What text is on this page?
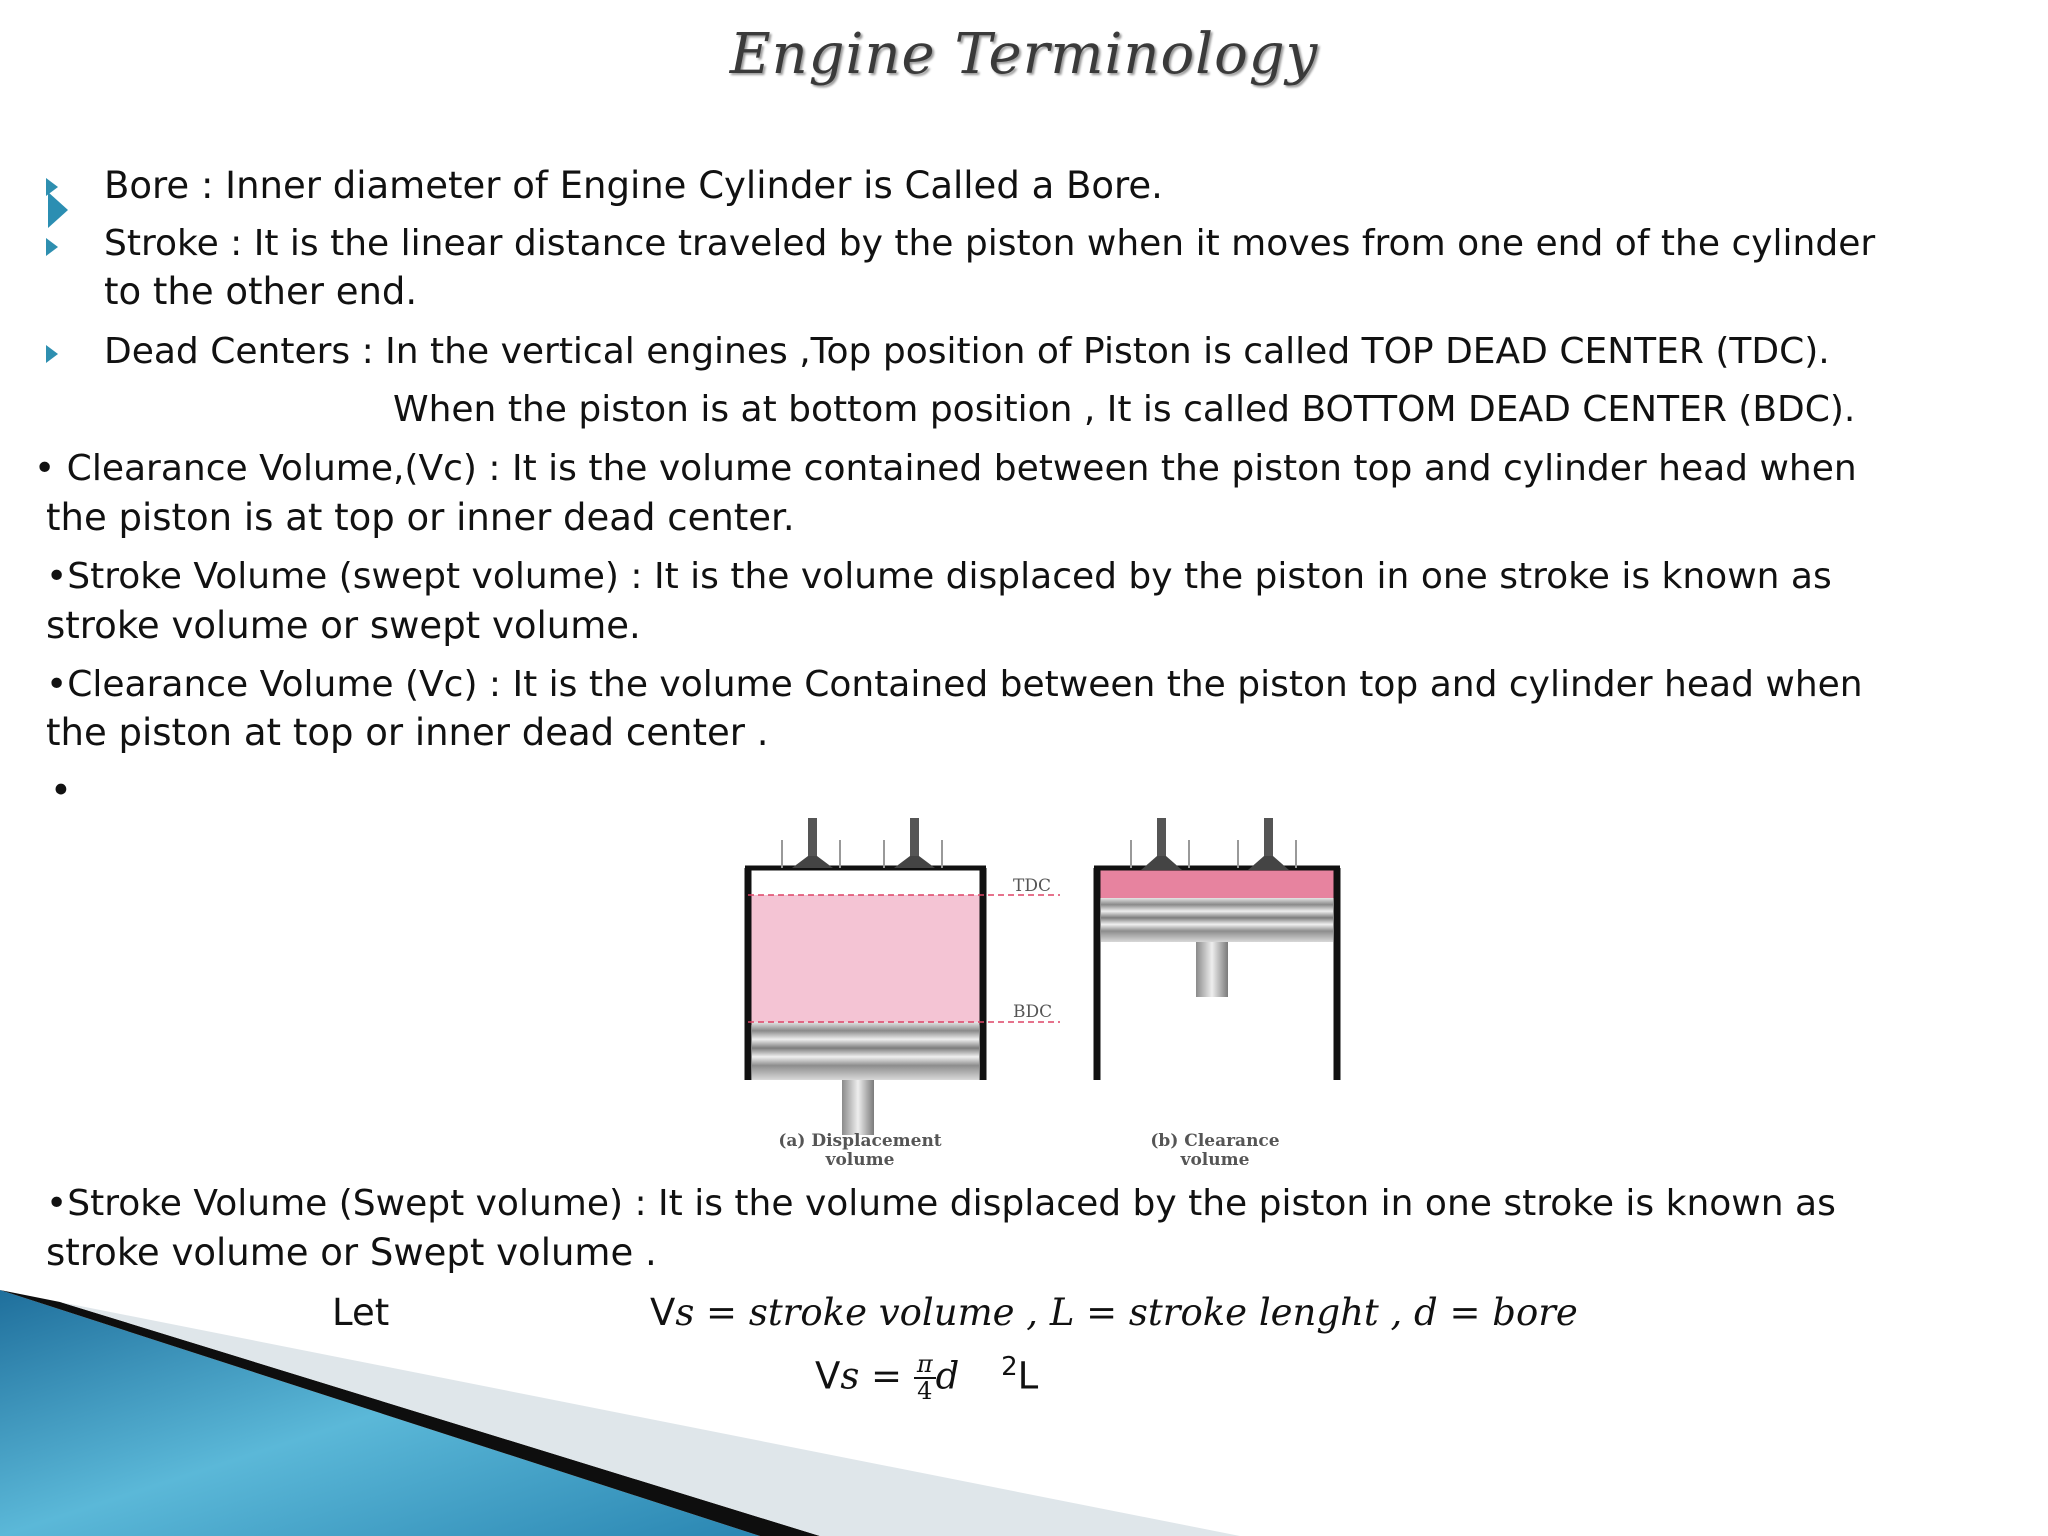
Engine Terminology
Bore : Inner diameter of Engine Cylinder is Called a Bore.
Stroke : It is the linear distance traveled by the piston when it moves from one end of the cylinder
to the other end.
Dead Centers : In the vertical engines ,Top position of Piston is called TOP DEAD CENTER (TDC).
When the piston is at bottom position , It is called BOTTOM DEAD CENTER (BDC).
• Clearance Volume,(Vc) : It is the volume contained between the piston top and cylinder head when
the piston is at top or inner dead center.
•Stroke Volume (swept volume) : It is the volume displaced by the piston in one stroke is known as
stroke volume or swept volume.
•Clearance Volume (Vc) : It is the volume Contained between the piston top and cylinder head when
the piston at top or inner dead center .
•
TDC
BDC
(a) Displacement
volume
(b) Clearance
volume
•Stroke Volume (Swept volume) : It is the volume displaced by the piston in one stroke is known as
stroke volume or Swept volume .
Let	Vs = stroke volume , L = stroke lenght , d = bore
$Vs = \frac{\pi}{4}$ d $^2$L
